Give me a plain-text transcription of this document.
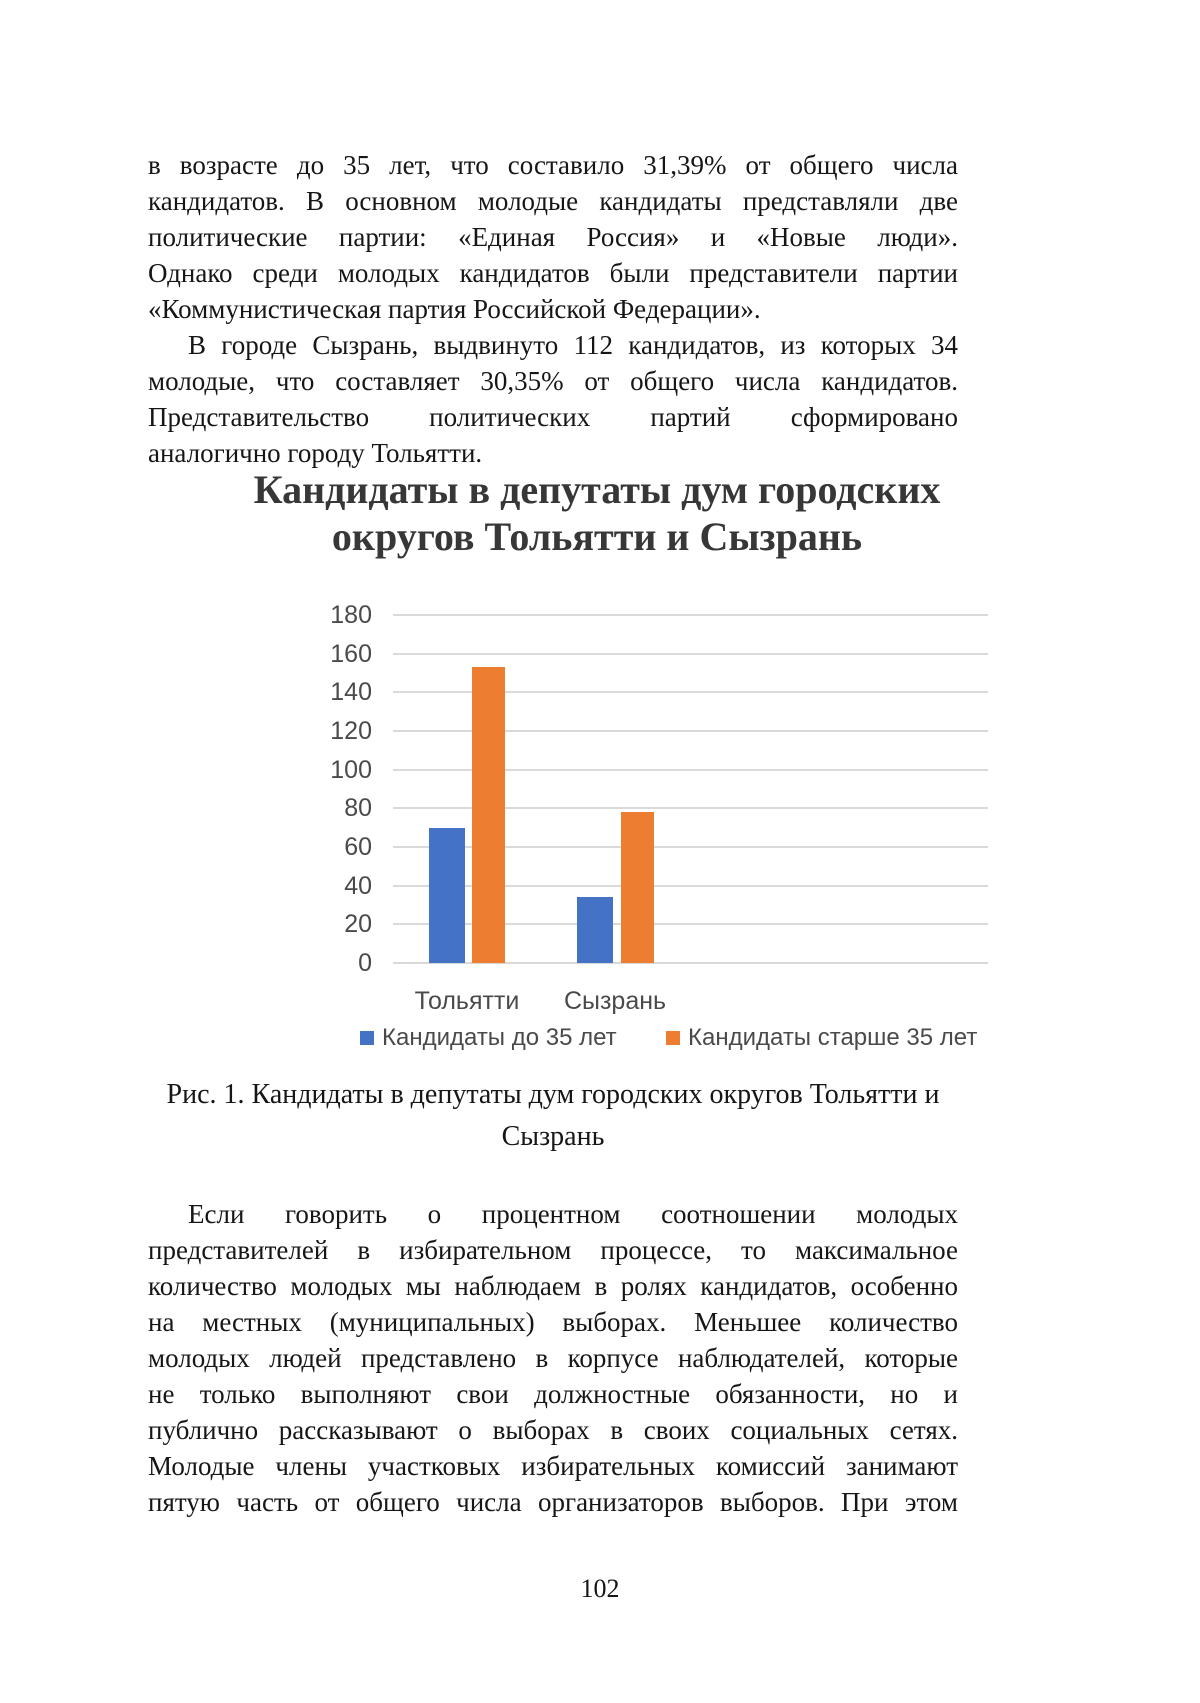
в возрасте до 35 лет, что составило 31,39% от общего числа
кандидатов. В основном молодые кандидаты представляли две
политические партии: «Единая Россия» и «Новые люди».
Однако среди молодых кандидатов были представители партии
«Коммунистическая партия Российской Федерации».
В городе Сызрань, выдвинуто 112 кандидатов, из которых 34
молодые, что составляет 30,35% от общего числа кандидатов.
Представительство политических партий сформировано
аналогично городу Тольятти.
Кандидаты в депутаты дум городских
округов Тольятти и Сызрань
0
20
40
60
80
100
120
140
160
180
Тольятти	Сызрань
Кандидаты до 35 лет	Кандидаты старше 35 лет
Рис. 1. Кандидаты в депутаты дум городских округов Тольятти и
Сызрань
Если говорить о процентном соотношении молодых
представителей в избирательном процессе, то максимальное
количество молодых мы наблюдаем в ролях кандидатов, особенно
на местных (муниципальных) выборах. Меньшее количество
молодых людей представлено в корпусе наблюдателей, которые
не только выполняют свои должностные обязанности, но и
публично рассказывают о выборах в своих социальных сетях.
Молодые члены участковых избирательных комиссий занимают
пятую часть от общего числа организаторов выборов. При этом
102
